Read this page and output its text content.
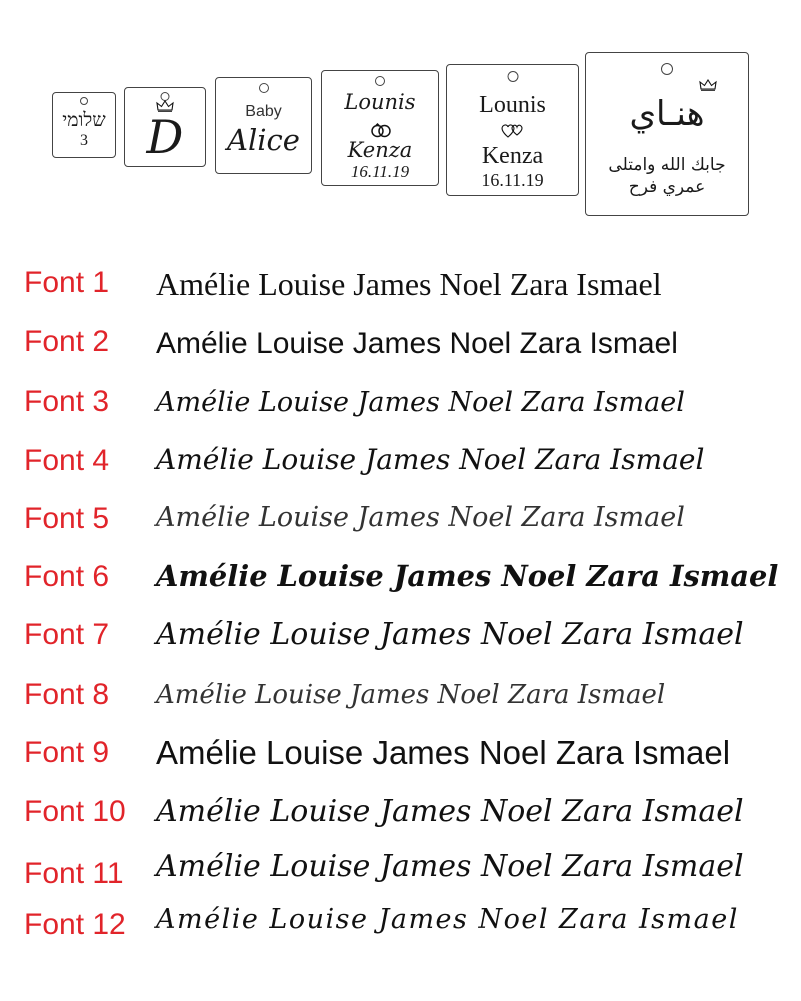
שלומי
3	D	Baby
Alice
Lounis
Kenza
16.11.19
Lounis
Kenza
16.11.19
هنـاي
جابك الله وامتلى
عمري فرح
Font 1 Amélie Louise James Noel Zara Ismael
Font 2 Amélie Louise James Noel Zara Ismael
Font 3 Amélie Louise James Noel Zara Ismael
Font 4 Amélie Louise James Noel Zara Ismael
Font 5 Amélie Louise James Noel Zara Ismael
Font 6 Amélie Louise James Noel Zara Ismael
Font 7 Amélie Louise James Noel Zara Ismael
Font 8 Amélie Louise James Noel Zara Ismael
Font 9 Amélie Louise James Noel Zara Ismael
Font 10 Amélie Louise James Noel Zara Ismael
Font 11 Amélie Louise James Noel Zara Ismael
Font 12 Amélie Louise James Noel Zara Ismael
